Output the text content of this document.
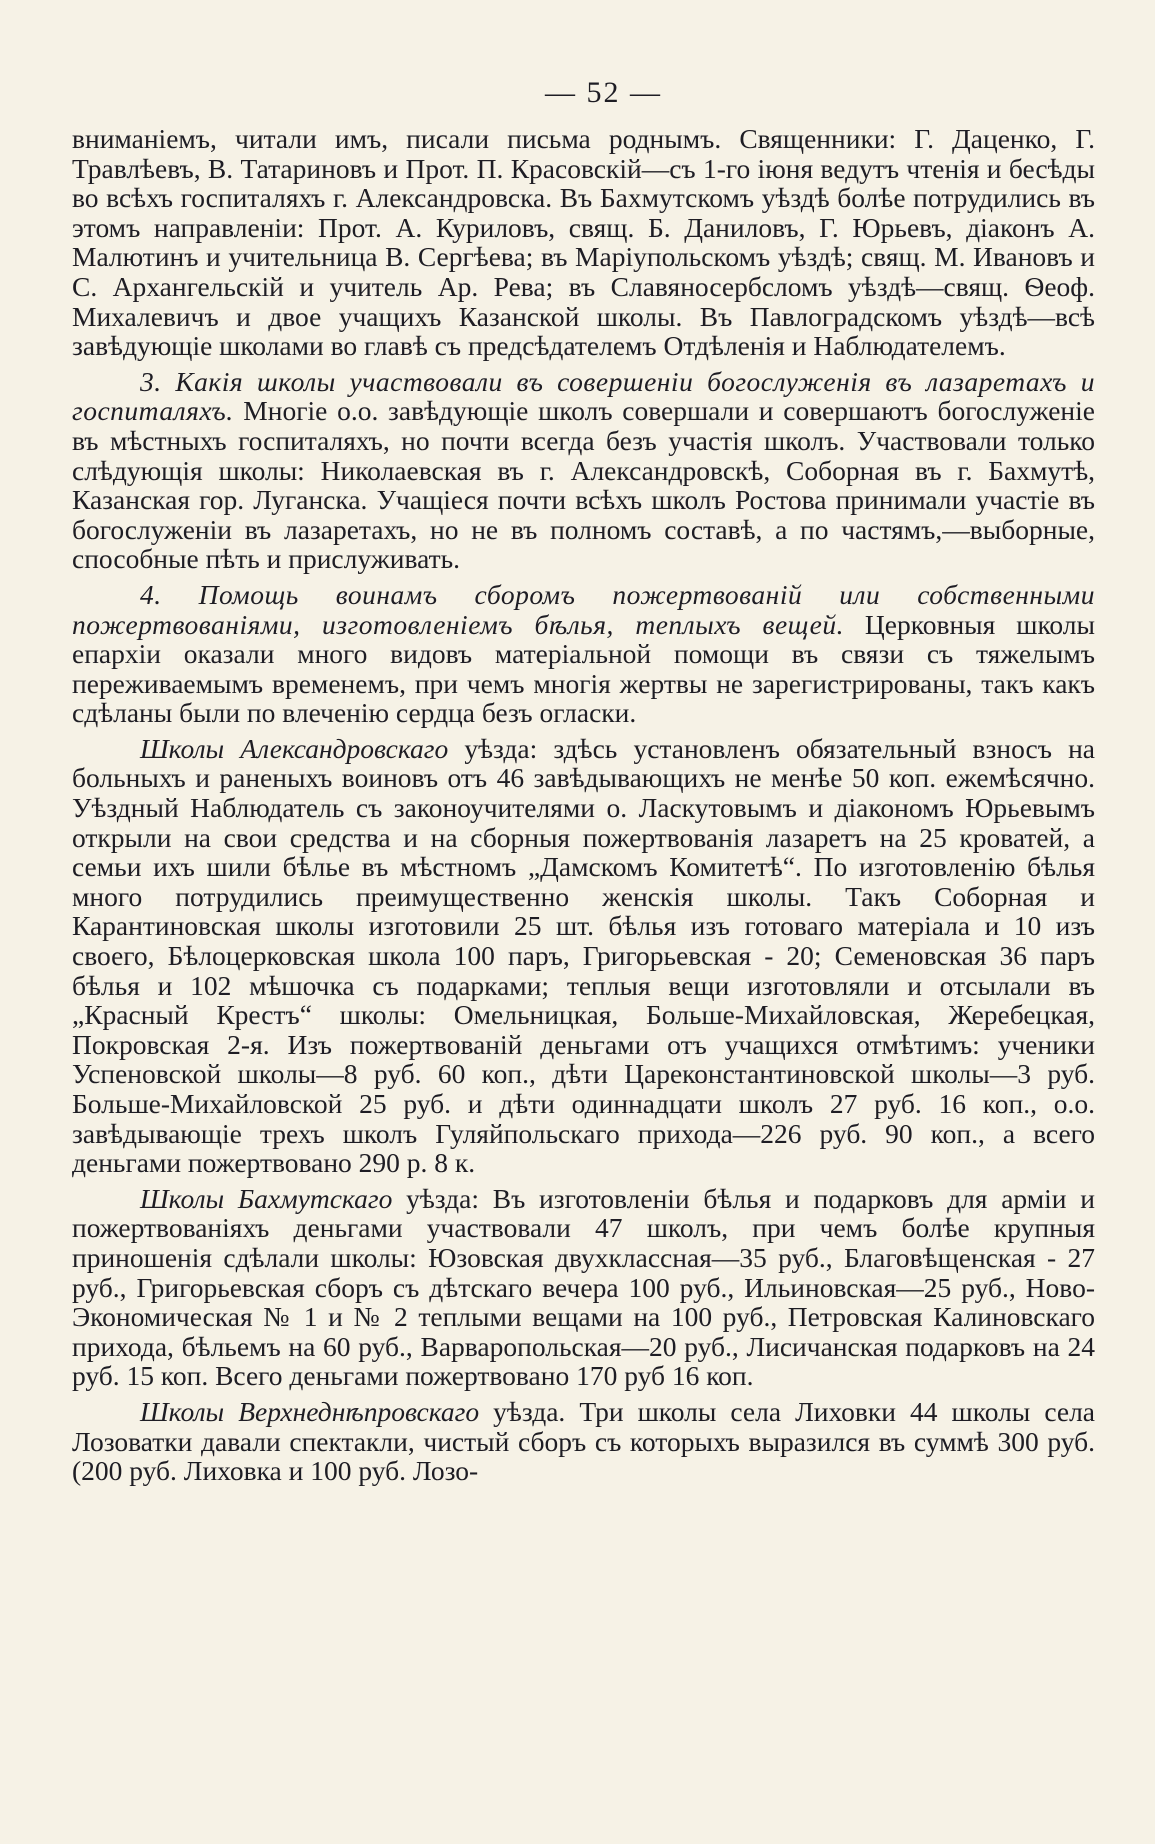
— 52 —

вниманіемъ, читали имъ, писали письма роднымъ. Священники: Г. Даценко, Г. Травлѣевъ, В. Татариновъ и Прот. П. Красовскій—съ 1-го іюня ведутъ чтенія и бесѣды во всѣхъ госпиталяхъ г. Александровска. Въ Бахмутскомъ уѣздѣ болѣе потрудились въ этомъ направленіи: Прот. А. Куриловъ, свящ. Б. Даниловъ, Г. Юрьевъ, діаконъ А. Малютинъ и учительница В. Сергѣева; въ Маріупольскомъ уѣздѣ; свящ. М. Ивановъ и С. Архангельскій и учитель Ар. Рева; въ Славяносербсломъ уѣздѣ—свящ. Ѳеоф. Михалевичъ и двое учащихъ Казанской школы. Въ Павлоградскомъ уѣздѣ—всѣ завѣдующіе школами во главѣ съ предсѣдателемъ Отдѣленія и Наблюдателемъ.

3. Какія школы участвовали въ совершеніи богослуженія въ лазаретахъ и госпиталяхъ. Многіе о.о. завѣдующіе школъ совершали и совершаютъ богослуженіе въ мѣстныхъ госпиталяхъ, но почти всегда безъ участія школъ. Участвовали только слѣдующія школы: Николаевская въ г. Александровскѣ, Соборная въ г. Бахмутѣ, Казанская гор. Луганска. Учащіеся почти всѣхъ школъ Ростова принимали участіе въ богослуженіи въ лазаретахъ, но не въ полномъ составѣ, а по частямъ,—выборные, способные пѣть и прислуживать.

4. Помощь воинамъ сборомъ пожертвованій или собственными пожертвованіями, изготовленіемъ бѣлья, теплыхъ вещей. Церковныя школы епархіи оказали много видовъ матеріальной помощи въ связи съ тяжелымъ переживаемымъ временемъ, при чемъ многія жертвы не зарегистрированы, такъ какъ сдѣланы были по влеченію сердца безъ огласки.

Школы Александровскаго уѣзда: здѣсь установленъ обязательный взносъ на больныхъ и раненыхъ воиновъ отъ 46 завѣдывающихъ не менѣе 50 коп. ежемѣсячно. Уѣздный Наблюдатель съ законоучителями о. Ласкутовымъ и діакономъ Юрьевымъ открыли на свои средства и на сборныя пожертвованія лазаретъ на 25 кроватей, а семьи ихъ шили бѣлье въ мѣстномъ „Дамскомъ Комитетѣ“. По изготовленію бѣлья много потрудились преимущественно женскія школы. Такъ Соборная и Карантиновская школы изготовили 25 шт. бѣлья изъ готоваго матеріала и 10 изъ своего, Бѣлоцерковская школа 100 паръ, Григорьевская - 20; Семеновская 36 паръ бѣлья и 102 мѣшочка съ подарками; теплыя вещи изготовляли и отсылали въ „Красный Крестъ“ школы: Омельницкая, Больше-Михайловская, Жеребецкая, Покровская 2-я. Изъ пожертвованій деньгами отъ учащихся отмѣтимъ: ученики Успеновской школы—8 руб. 60 коп., дѣти Цареконстантиновской школы—3 руб. Больше-Михайловской 25 руб. и дѣти одиннадцати школъ 27 руб. 16 коп., о.о. завѣдывающіе трехъ школъ Гуляйпольскаго прихода—226 руб. 90 коп., а всего деньгами пожертвовано 290 р. 8 к.

Школы Бахмутскаго уѣзда: Въ изготовленіи бѣлья и подарковъ для арміи и пожертвованіяхъ деньгами участвовали 47 школъ, при чемъ болѣе крупныя приношенія сдѣлали школы: Юзовская двухклассная—35 руб., Благовѣщенская - 27 руб., Григорьевская сборъ съ дѣтскаго вечера 100 руб., Ильиновская—25 руб., Ново-Экономическая № 1 и № 2 теплыми вещами на 100 руб., Петровская Калиновскаго прихода, бѣльемъ на 60 руб., Варваропольская—20 руб., Лисичанская подарковъ на 24 руб. 15 коп. Всего деньгами пожертвовано 170 руб 16 коп.

Школы Верхнеднѣпровскаго уѣзда. Три школы села Лиховки 44 школы села Лозоватки давали спектакли, чистый сборъ съ которыхъ выразился въ суммѣ 300 руб. (200 руб. Лиховка и 100 руб. Лозо-
